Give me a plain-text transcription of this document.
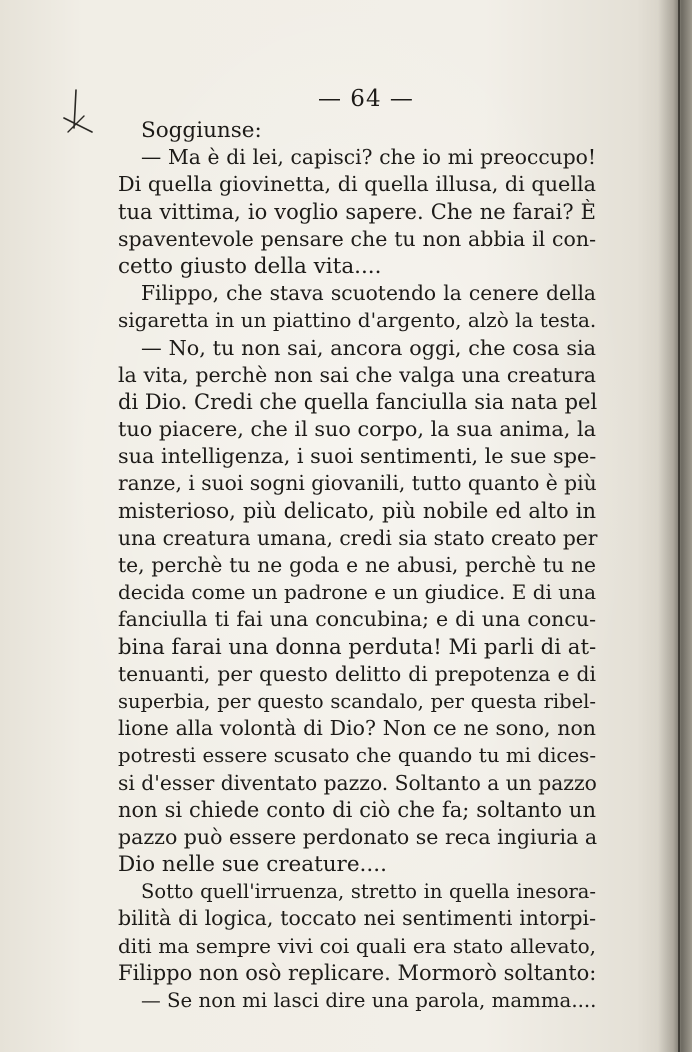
— 64 —
Soggiunse:
— Ma è di lei, capisci? che io mi preoccupo!
Di quella giovinetta, di quella illusa, di quella
tua vittima, io voglio sapere. Che ne farai? È
spaventevole pensare che tu non abbia il con-
cetto giusto della vita....
Filippo, che stava scuotendo la cenere della
sigaretta in un piattino d'argento, alzò la testa.
— No, tu non sai, ancora oggi, che cosa sia
la vita, perchè non sai che valga una creatura
di Dio. Credi che quella fanciulla sia nata pel
tuo piacere, che il suo corpo, la sua anima, la
sua intelligenza, i suoi sentimenti, le sue spe-
ranze, i suoi sogni giovanili, tutto quanto è più
misterioso, più delicato, più nobile ed alto in
una creatura umana, credi sia stato creato per
te, perchè tu ne goda e ne abusi, perchè tu ne
decida come un padrone e un giudice. E di una
fanciulla ti fai una concubina; e di una concu-
bina farai una donna perduta! Mi parli di at-
tenuanti, per questo delitto di prepotenza e di
superbia, per questo scandalo, per questa ribel-
lione alla volontà di Dio? Non ce ne sono, non
potresti essere scusato che quando tu mi dices-
si d'esser diventato pazzo. Soltanto a un pazzo
non si chiede conto di ciò che fa; soltanto un
pazzo può essere perdonato se reca ingiuria a
Dio nelle sue creature....
Sotto quell'irruenza, stretto in quella inesora-
bilità di logica, toccato nei sentimenti intorpi-
diti ma sempre vivi coi quali era stato allevato,
Filippo non osò replicare. Mormorò soltanto:
— Se non mi lasci dire una parola, mamma....
